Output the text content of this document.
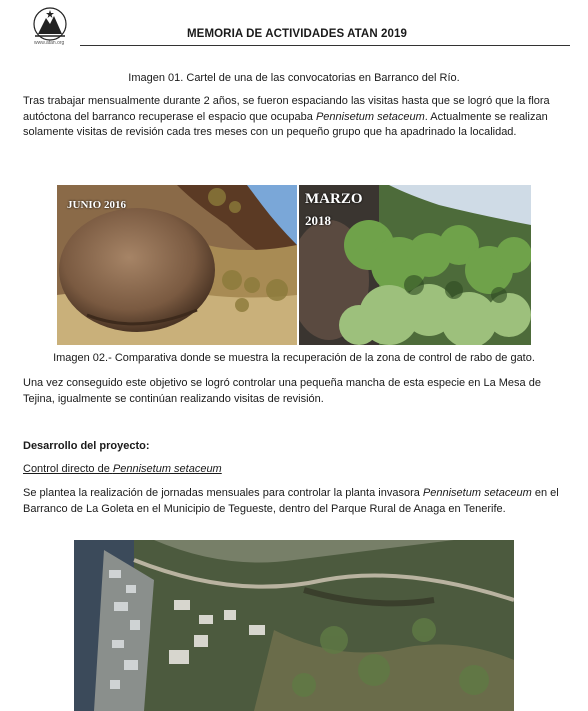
www.atan.org
MEMORIA DE ACTIVIDADES ATAN 2019
Imagen 01. Cartel de una de las convocatorias en Barranco del Río.
Tras trabajar mensualmente durante 2 años, se fueron espaciando las visitas hasta que se logró que la flora autóctona del barranco recuperase el espacio que ocupaba Pennisetum setaceum. Actualmente se realizan solamente visitas de revisión cada tres meses con un pequeño grupo que ha apadrinado la localidad.
JUNIO 2016	MARZO
2018
Imagen 02.- Comparativa donde se muestra la recuperación de la zona de control de rabo de gato.
Una vez conseguido este objetivo se logró controlar una pequeña mancha de esta especie en La Mesa de Tejina, igualmente se continúan realizando visitas de revisión.
Desarrollo del proyecto:
Control directo de Pennisetum setaceum
Se plantea la realización de jornadas mensuales para controlar la planta invasora Pennisetum setaceum en el Barranco de La Goleta en el Municipio de Tegueste, dentro del Parque Rural de Anaga en Tenerife.
